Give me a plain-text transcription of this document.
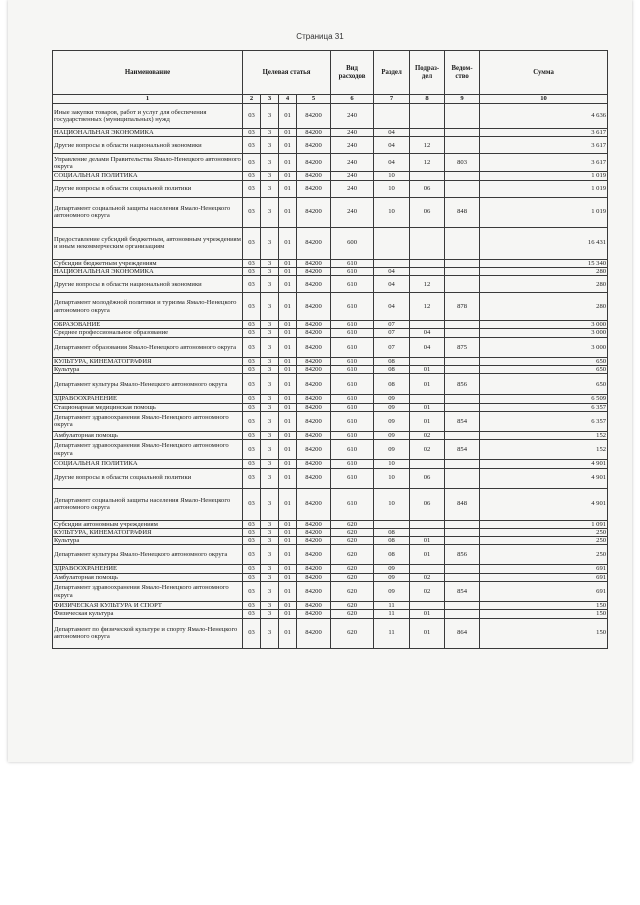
Страница 31
Наименование	Целевая статья				Вид расходов	Раздел	Подраз- дел	Ведом- ство	Сумма
1	2	3	4	5	6	7	8	9	10
Иные закупки товаров, работ и услуг для обеспечения государственных (муниципальных) нужд	03	3	01	84200	240				4 636
НАЦИОНАЛЬНАЯ ЭКОНОМИКА	03	3	01	84200	240	04			3 617
Другие вопросы в области национальной экономики	03	3	01	84200	240	04	12		3 617
Управление делами Правительства Ямало-Ненецкого автономного округа	03	3	01	84200	240	04	12	803	3 617
СОЦИАЛЬНАЯ ПОЛИТИКА	03	3	01	84200	240	10			1 019
Другие вопросы в области социальной политики	03	3	01	84200	240	10	06		1 019
Департамент социальной защиты населения Ямало-Ненецкого автономного округа	03	3	01	84200	240	10	06	848	1 019
Предоставление субсидий бюджетным, автономным учреждениям и иным некоммерческим организациям	03	3	01	84200	600				16 431
Субсидии бюджетным учреждениям	03	3	01	84200	610				15 340
НАЦИОНАЛЬНАЯ ЭКОНОМИКА	03	3	01	84200	610	04			280
Другие вопросы в области национальной экономики	03	3	01	84200	610	04	12		280
Департамент молодёжной политики и туризма Ямало-Ненецкого автономного округа	03	3	01	84200	610	04	12	878	280
ОБРАЗОВАНИЕ	03	3	01	84200	610	07			3 000
Среднее профессиональное образование	03	3	01	84200	610	07	04		3 000
Департамент образования Ямало-Ненецкого автономного округа	03	3	01	84200	610	07	04	875	3 000
КУЛЬТУРА, КИНЕМАТОГРАФИЯ	03	3	01	84200	610	08			650
Культура	03	3	01	84200	610	08	01		650
Департамент культуры Ямало-Ненецкого автономного округа	03	3	01	84200	610	08	01	856	650
ЗДРАВООХРАНЕНИЕ	03	3	01	84200	610	09			6 509
Стационарная медицинская помощь	03	3	01	84200	610	09	01		6 357
Департамент здравоохранения Ямало-Ненецкого автономного округа	03	3	01	84200	610	09	01	854	6 357
Амбулаторная помощь	03	3	01	84200	610	09	02		152
Департамент здравоохранения Ямало-Ненецкого автономного округа	03	3	01	84200	610	09	02	854	152
СОЦИАЛЬНАЯ ПОЛИТИКА	03	3	01	84200	610	10			4 901
Другие вопросы в области социальной политики	03	3	01	84200	610	10	06		4 901
Департамент социальной защиты населения Ямало-Ненецкого автономного округа	03	3	01	84200	610	10	06	848	4 901
Субсидии автономным учреждениям	03	3	01	84200	620				1 091
КУЛЬТУРА, КИНЕМАТОГРАФИЯ	03	3	01	84200	620	08			250
Культура	03	3	01	84200	620	08	01		250
Департамент культуры Ямало-Ненецкого автономного округа	03	3	01	84200	620	08	01	856	250
ЗДРАВООХРАНЕНИЕ	03	3	01	84200	620	09			691
Амбулаторная помощь	03	3	01	84200	620	09	02		691
Департамент здравоохранения Ямало-Ненецкого автономного округа	03	3	01	84200	620	09	02	854	691
ФИЗИЧЕСКАЯ КУЛЬТУРА И СПОРТ	03	3	01	84200	620	11			150
Физическая культура	03	3	01	84200	620	11	01		150
Департамент по физической культуре и спорту Ямало-Ненецкого автономного округа	03	3	01	84200	620	11	01	864	150
